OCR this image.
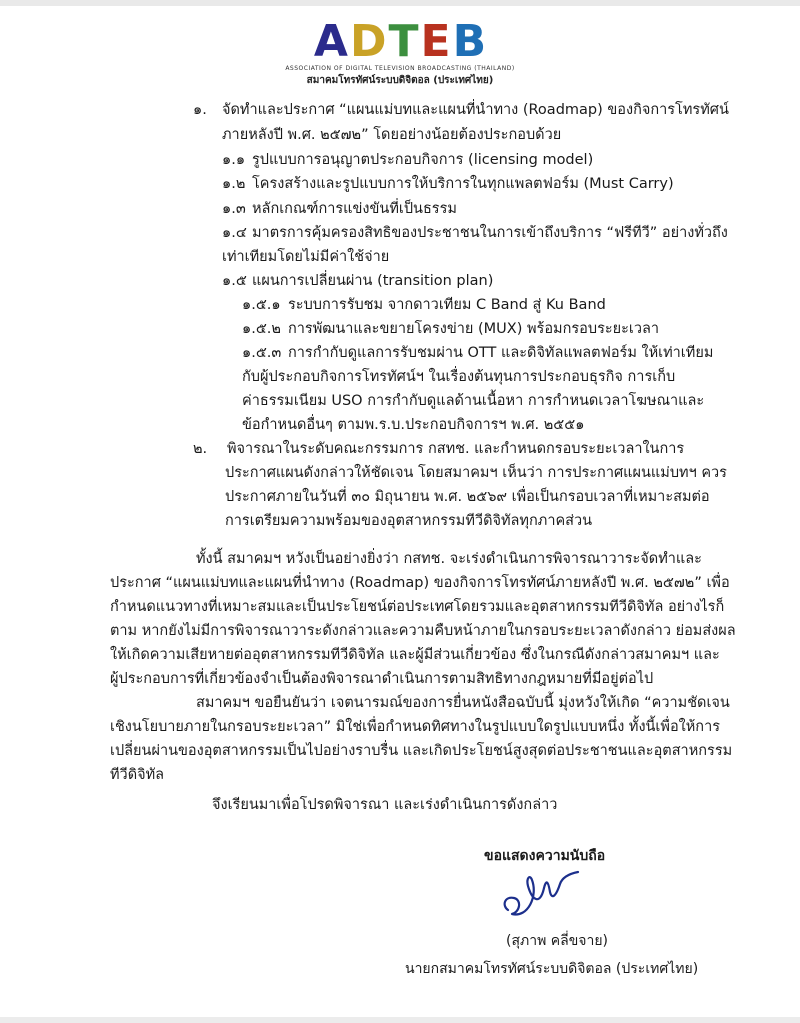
A D T E B
ASSOCIATION OF DIGITAL TELEVISION BROADCASTING (THAILAND)
สมาคมโทรทัศน์ระบบดิจิตอล (ประเทศไทย)
๑. จัดทำและประกาศ “แผนแม่บทและแผนที่นำทาง (Roadmap) ของกิจการโทรทัศน์
ภายหลังปี พ.ศ. ๒๕๗๒” โดยอย่างน้อยต้องประกอบด้วย
๑.๑ รูปแบบการอนุญาตประกอบกิจการ (licensing model)
๑.๒ โครงสร้างและรูปแบบการให้บริการในทุกแพลตฟอร์ม (Must Carry)
๑.๓ หลักเกณฑ์การแข่งขันที่เป็นธรรม
๑.๔ มาตรการคุ้มครองสิทธิของประชาชนในการเข้าถึงบริการ “ฟรีทีวี” อย่างทั่วถึง
เท่าเทียมโดยไม่มีค่าใช้จ่าย
๑.๕ แผนการเปลี่ยนผ่าน (transition plan)
๑.๕.๑ ระบบการรับชม จากดาวเทียม C Band สู่ Ku Band
๑.๕.๒ การพัฒนาและขยายโครงข่าย (MUX) พร้อมกรอบระยะเวลา
๑.๕.๓ การกำกับดูแลการรับชมผ่าน OTT และดิจิทัลแพลตฟอร์ม ให้เท่าเทียม
กับผู้ประกอบกิจการโทรทัศน์ฯ ในเรื่องต้นทุนการประกอบธุรกิจ การเก็บ
ค่าธรรมเนียม USO การกำกับดูแลด้านเนื้อหา การกำหนดเวลาโฆษณาและ
ข้อกำหนดอื่นๆ ตามพ.ร.บ.ประกอบกิจการฯ พ.ศ. ๒๕๕๑
๒. พิจารณาในระดับคณะกรรมการ กสทช. และกำหนดกรอบระยะเวลาในการ
ประกาศแผนดังกล่าวให้ชัดเจน โดยสมาคมฯ เห็นว่า การประกาศแผนแม่บทฯ ควร
ประกาศภายในวันที่ ๓๐ มิถุนายน พ.ศ. ๒๕๖๙ เพื่อเป็นกรอบเวลาที่เหมาะสมต่อ
การเตรียมความพร้อมของอุตสาหกรรมทีวีดิจิทัลทุกภาคส่วน
ทั้งนี้ สมาคมฯ หวังเป็นอย่างยิ่งว่า กสทช. จะเร่งดำเนินการพิจารณาวาระจัดทำและ
ประกาศ “แผนแม่บทและแผนที่นำทาง (Roadmap) ของกิจการโทรทัศน์ภายหลังปี พ.ศ. ๒๕๗๒” เพื่อ
กำหนดแนวทางที่เหมาะสมและเป็นประโยชน์ต่อประเทศโดยรวมและอุตสาหกรรมทีวีดิจิทัล อย่างไรก็
ตาม หากยังไม่มีการพิจารณาวาระดังกล่าวและความคืบหน้าภายในกรอบระยะเวลาดังกล่าว ย่อมส่งผล
ให้เกิดความเสียหายต่ออุตสาหกรรมทีวีดิจิทัล และผู้มีส่วนเกี่ยวข้อง ซึ่งในกรณีดังกล่าวสมาคมฯ และ
ผู้ประกอบการที่เกี่ยวข้องจำเป็นต้องพิจารณาดำเนินการตามสิทธิทางกฎหมายที่มีอยู่ต่อไป
สมาคมฯ ขอยืนยันว่า เจตนารมณ์ของการยื่นหนังสือฉบับนี้ มุ่งหวังให้เกิด “ความชัดเจน
เชิงนโยบายภายในกรอบระยะเวลา” มิใช่เพื่อกำหนดทิศทางในรูปแบบใดรูปแบบหนึ่ง ทั้งนี้เพื่อให้การ
เปลี่ยนผ่านของอุตสาหกรรมเป็นไปอย่างราบรื่น และเกิดประโยชน์สูงสุดต่อประชาชนและอุตสาหกรรม
ทีวีดิจิทัล
จึงเรียนมาเพื่อโปรดพิจารณา และเร่งดำเนินการดังกล่าว
ขอแสดงความนับถือ
(สุภาพ คลี่ขจาย)
นายกสมาคมโทรทัศน์ระบบดิจิตอล (ประเทศไทย)
